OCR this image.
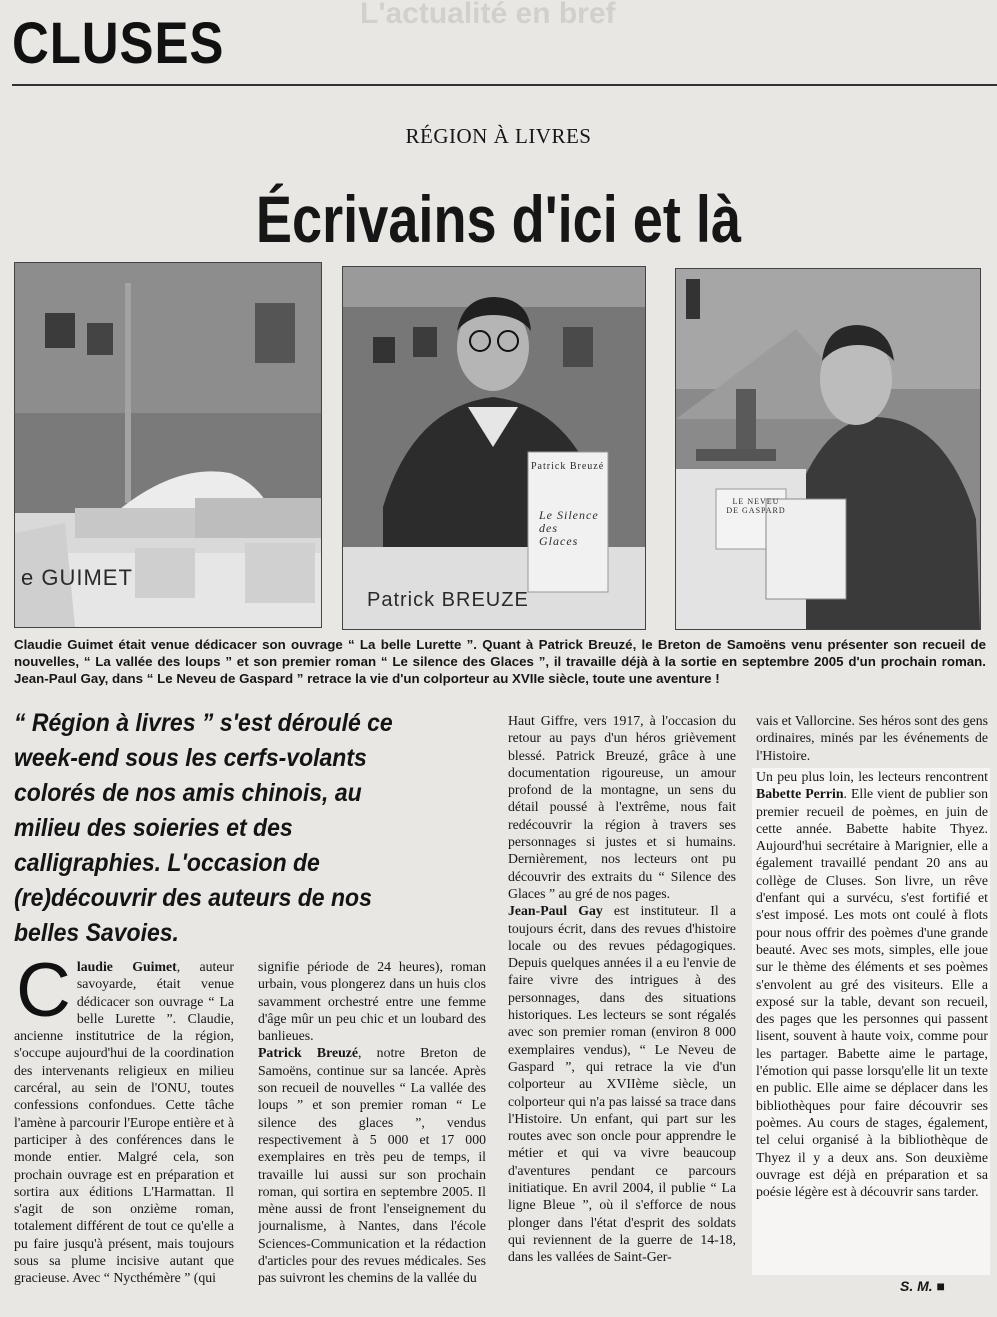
L'actualité en bref
CLUSES
RÉGION À LIVRES
Écrivains d'ici et là
e GUIMET
Patrick Breuzé
Le Silence des Glaces
Patrick BREUZE
LE NEVEU DE GASPARD
Claudie Guimet était venue dédicacer son ouvrage “ La belle Lurette ”. Quant à Patrick Breuzé, le Breton de Samoëns venu présenter son recueil de nouvelles, “ La vallée des loups ” et son premier roman “ Le silence des Glaces ”, il travaille déjà à la sortie en septembre 2005 d'un prochain roman. Jean-Paul Gay, dans “ Le Neveu de Gaspard ” retrace la vie d'un colporteur au XVIIe siècle, toute une aventure !
“ Région à livres ” s'est déroulé ce week-end sous les cerfs-volants colorés de nos amis chinois, au milieu des soieries et des calligraphies. L'occasion de (re)découvrir des auteurs de nos belles Savoies.
C laudie Guimet, auteur savoyarde, était venue dédicacer son ouvrage “ La belle Lurette ”. Claudie, ancienne institutrice de la région, s'occupe aujourd'hui de la coordination des intervenants religieux en milieu carcéral, au sein de l'ONU, toutes confessions confondues. Cette tâche l'amène à parcourir l'Europe entière et à participer à des conférences dans le monde entier. Malgré cela, son prochain ouvrage est en préparation et sortira aux éditions L'Harmattan. Il s'agit de son onzième roman, totalement différent de tout ce qu'elle a pu faire jusqu'à présent, mais toujours sous sa plume incisive autant que gracieuse. Avec “ Nycthémère ” (qui

signifie période de 24 heures), roman urbain, vous plongerez dans un huis clos savamment orchestré entre une femme d'âge mûr un peu chic et un loubard des banlieues.

Patrick Breuzé, notre Breton de Samoëns, continue sur sa lancée. Après son recueil de nouvelles “ La vallée des loups ” et son premier roman “ Le silence des glaces ”, vendus respectivement à 5 000 et 17 000 exemplaires en très peu de temps, il travaille lui aussi sur son prochain roman, qui sortira en septembre 2005. Il mène aussi de front l'enseignement du journalisme, à Nantes, dans l'école Sciences-Communication et la rédaction d'articles pour des revues médicales. Ses pas suivront les chemins de la vallée du

Haut Giffre, vers 1917, à l'occasion du retour au pays d'un héros grièvement blessé. Patrick Breuzé, grâce à une documentation rigoureuse, un amour profond de la montagne, un sens du détail poussé à l'extrême, nous fait redécouvrir la région à travers ses personnages si justes et si humains. Dernièrement, nos lecteurs ont pu découvrir des extraits du “ Silence des Glaces ” au gré de nos pages.

Jean-Paul Gay est instituteur. Il a toujours écrit, dans des revues d'histoire locale ou des revues pédagogiques. Depuis quelques années il a eu l'envie de faire vivre des intrigues à des personnages, dans des situations historiques. Les lecteurs se sont régalés avec son premier roman (environ 8 000 exemplaires vendus), “ Le Neveu de Gaspard ”, qui retrace la vie d'un colporteur au XVIIème siècle, un colporteur qui n'a pas laissé sa trace dans l'Histoire. Un enfant, qui part sur les routes avec son oncle pour apprendre le métier et qui va vivre beaucoup d'aventures pendant ce parcours initiatique. En avril 2004, il publie “ La ligne Bleue ”, où il s'efforce de nous plonger dans l'état d'esprit des soldats qui reviennent de la guerre de 14-18, dans les vallées de Saint-Ger-

vais et Vallorcine. Ses héros sont des gens ordinaires, minés par les événements de l'Histoire.

Un peu plus loin, les lecteurs rencontrent Babette Perrin. Elle vient de publier son premier recueil de poèmes, en juin de cette année. Babette habite Thyez. Aujourd'hui secrétaire à Marignier, elle a également travaillé pendant 20 ans au collège de Cluses. Son livre, un rêve d'enfant qui a survécu, s'est fortifié et s'est imposé. Les mots ont coulé à flots pour nous offrir des poèmes d'une grande beauté. Avec ses mots, simples, elle joue sur le thème des éléments et ses poèmes s'envolent au gré des visiteurs. Elle a exposé sur la table, devant son recueil, des pages que les personnes qui passent lisent, souvent à haute voix, comme pour les partager. Babette aime le partage, l'émotion qui passe lorsqu'elle lit un texte en public. Elle aime se déplacer dans les bibliothèques pour faire découvrir ses poèmes. Au cours de stages, également, tel celui organisé à la bibliothèque de Thyez il y a deux ans. Son deuxième ouvrage est déjà en préparation et sa poésie légère est à découvrir sans tarder.
S. M. ■
